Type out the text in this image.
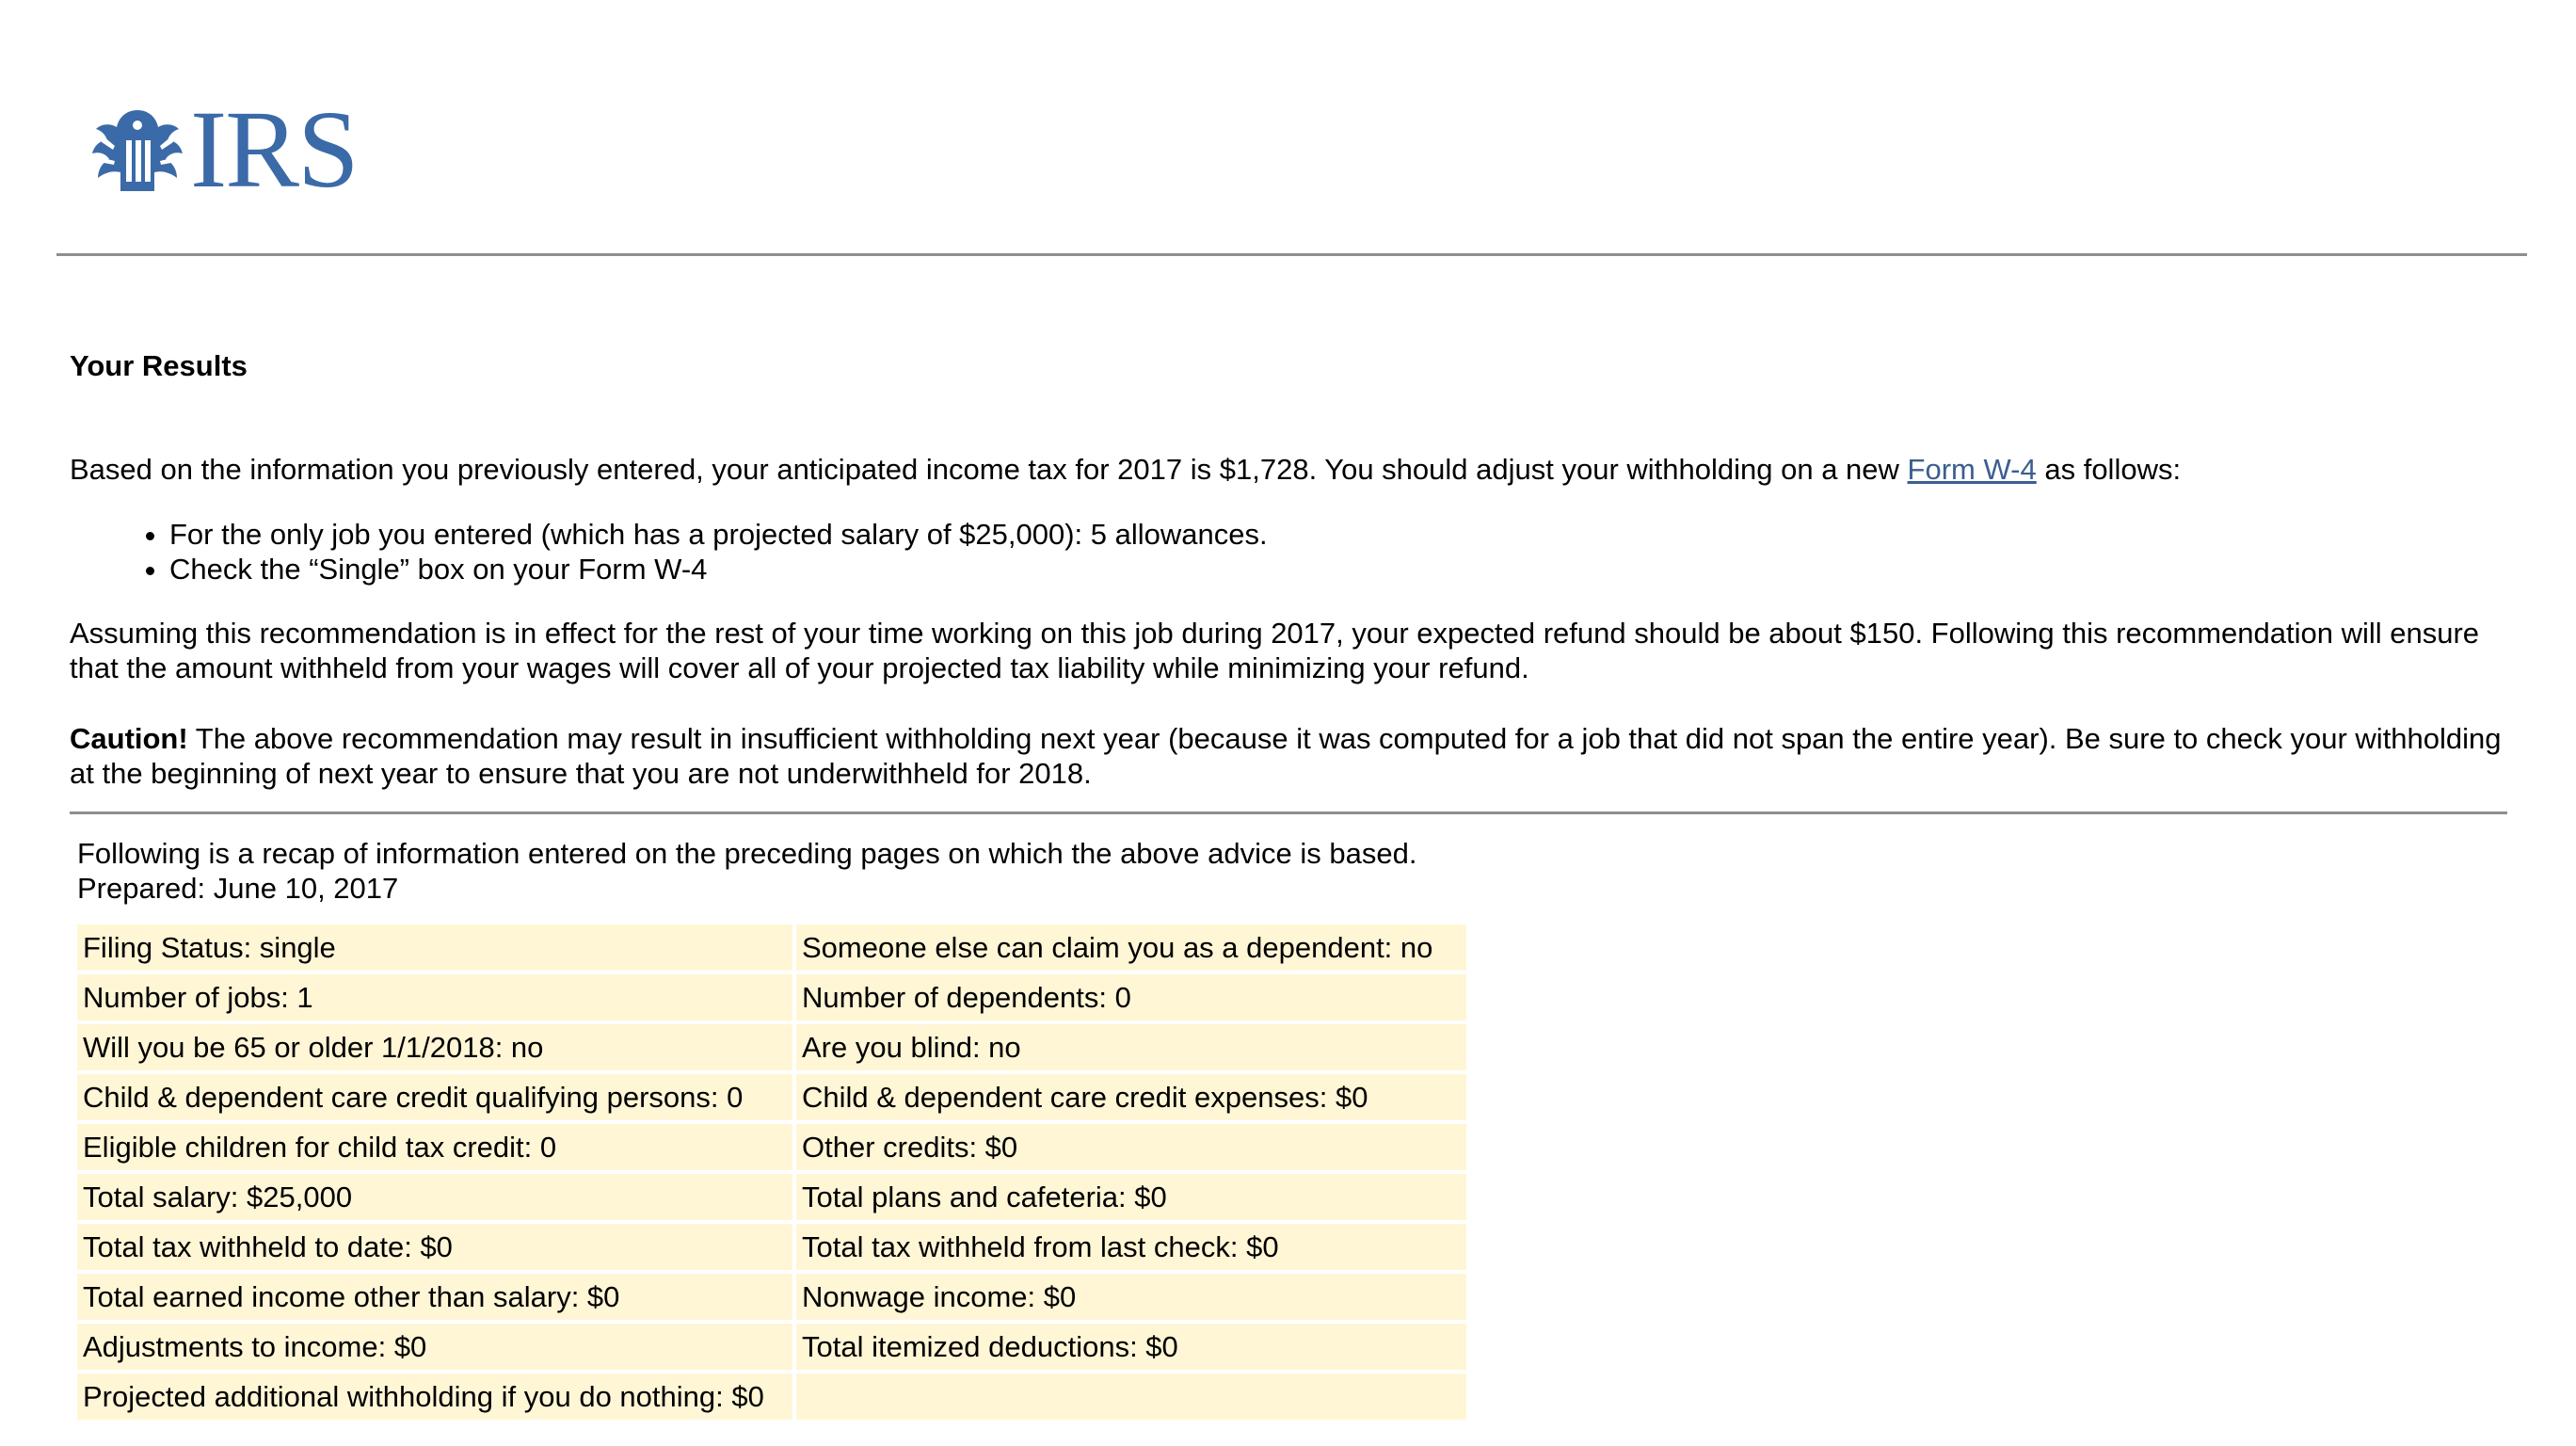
IRS
Your Results

Based on the information you previously entered, your anticipated income tax for 2017 is $1,728. You should adjust your withholding on a new Form W-4 as follows:

• For the only job you entered (which has a projected salary of $25,000): 5 allowances.
• Check the “Single” box on your Form W-4

Assuming this recommendation is in effect for the rest of your time working on this job during 2017, your expected refund should be about $150. Following this recommendation will ensure that the amount withheld from your wages will cover all of your projected tax liability while minimizing your refund.

Caution! The above recommendation may result in insufficient withholding next year (because it was computed for a job that did not span the entire year). Be sure to check your withholding at the beginning of next year to ensure that you are not underwithheld for 2018.

Following is a recap of information entered on the preceding pages on which the above advice is based.
Prepared: June 10, 2017
Filing Status: single	Someone else can claim you as a dependent: no
Number of jobs: 1	Number of dependents: 0
Will you be 65 or older 1/1/2018: no	Are you blind: no
Child & dependent care credit qualifying persons: 0	Child & dependent care credit expenses: $0
Eligible children for child tax credit: 0	Other credits: $0
Total salary: $25,000	Total plans and cafeteria: $0
Total tax withheld to date: $0	Total tax withheld from last check: $0
Total earned income other than salary: $0	Nonwage income: $0
Adjustments to income: $0	Total itemized deductions: $0
Projected additional withholding if you do nothing: $0	
